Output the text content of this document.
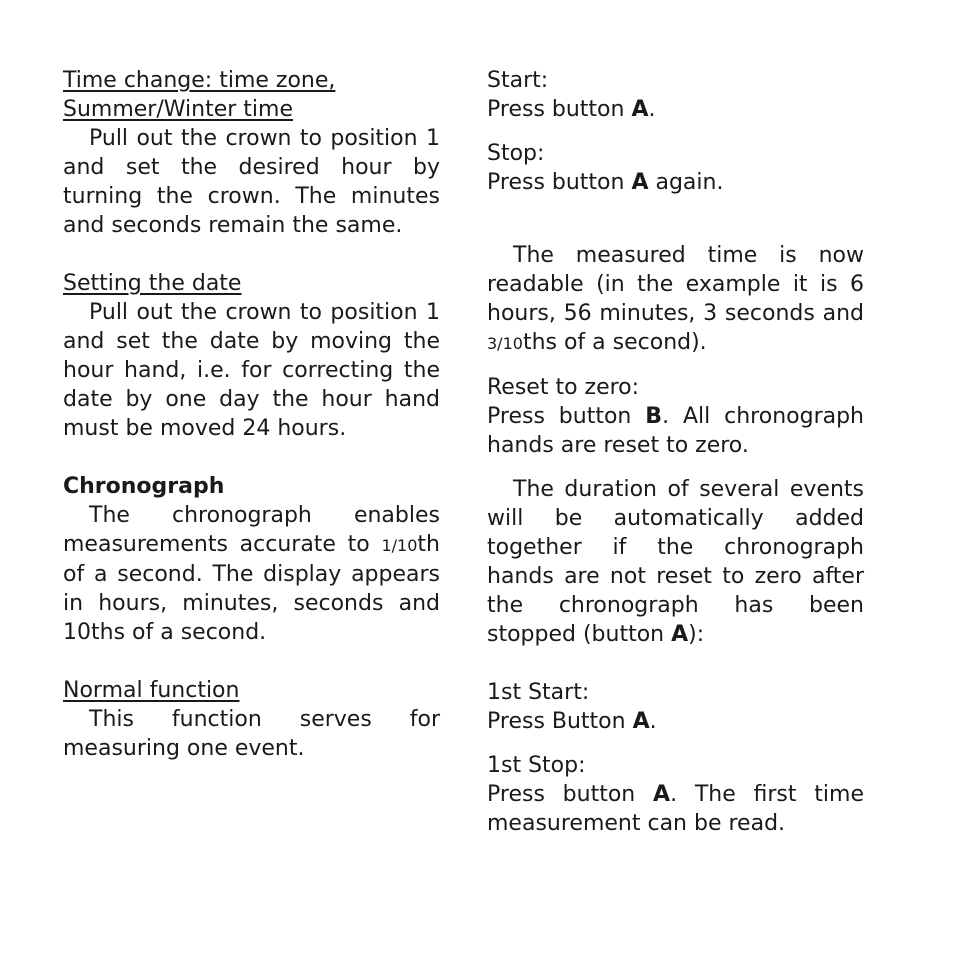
Time change: time zone, Summer/Winter time

Pull out the crown to position 1 and set the desired hour by turning the crown. The minutes and seconds remain the same.

Setting the date

Pull out the crown to position 1 and set the date by moving the hour hand, i.e. for correcting the date by one day the hour hand must be moved 24 hours.

Chronograph

The chronograph enables measurements accurate to 1/10th of a second. The display appears in hours, minutes, seconds and 10ths of a second.

Normal function

This function serves for measuring one event.

Start:

Press button A.

Stop:

Press button A again.

The measured time is now readable (in the example it is 6 hours, 56 minutes, 3 seconds and 3/10ths of a second).

Reset to zero:

Press button B. All chronograph hands are reset to zero.

The duration of several events will be automatically added together if the chronograph hands are not reset to zero after the chronograph has been stopped (button A):

1st Start:

Press Button A.

1st Stop:

Press button A. The first time measurement can be read.
